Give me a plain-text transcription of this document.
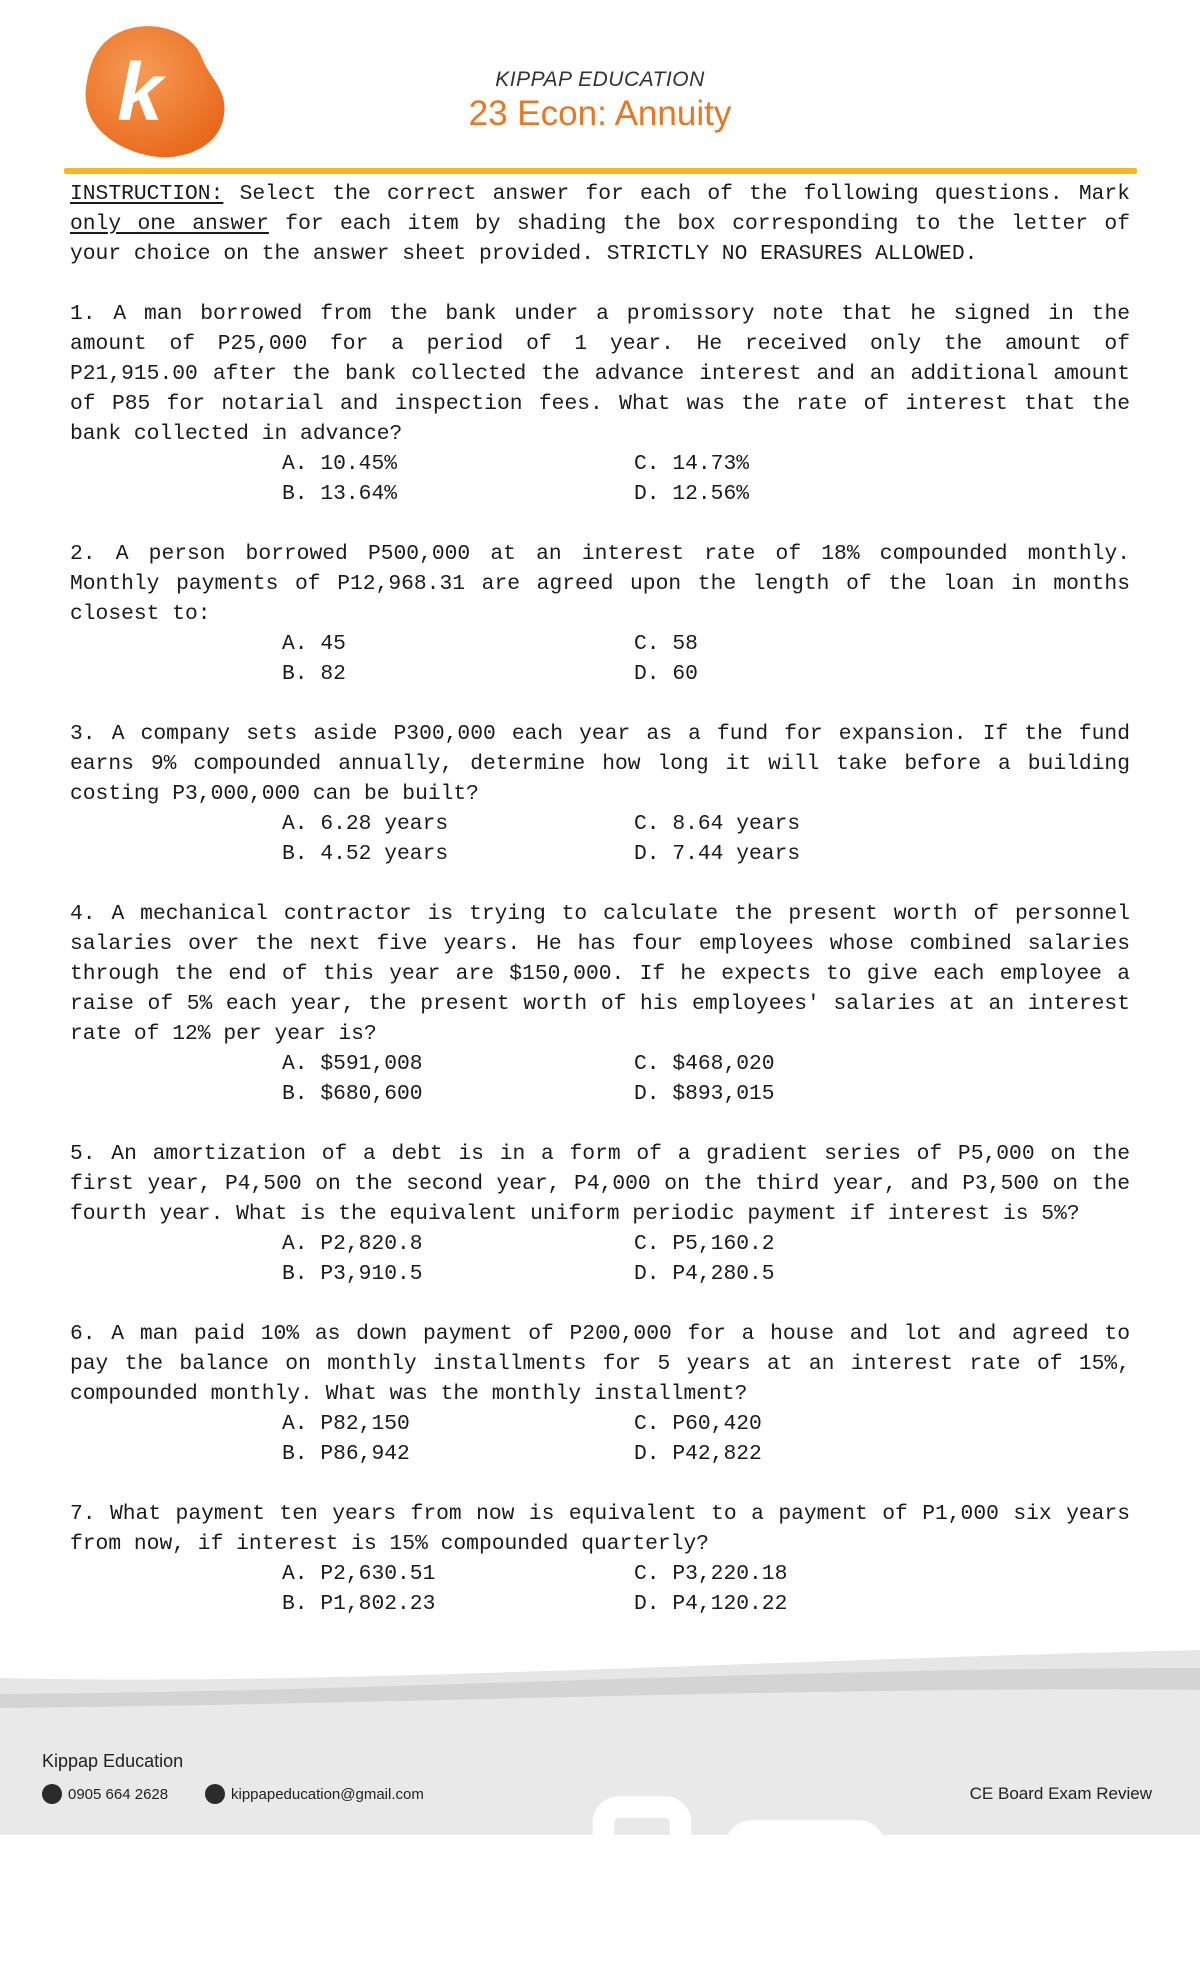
k	KIPPAP EDUCATION
23 Econ: Annuity

INSTRUCTION: Select the correct answer for each of the following questions. Mark only one answer for each item by shading the box corresponding to the letter of your choice on the answer sheet provided. STRICTLY NO ERASURES ALLOWED.

1. A man borrowed from the bank under a promissory note that he signed in the amount of P25,000 for a period of 1 year. He received only the amount of P21,915.00 after the bank collected the advance interest and an additional amount of P85 for notarial and inspection fees. What was the rate of interest that the bank collected in advance?

A. 10.45%	C. 14.73%
B. 13.64%	D. 12.56%

2. A person borrowed P500,000 at an interest rate of 18% compounded monthly. Monthly payments of P12,968.31 are agreed upon the length of the loan in months closest to:

A. 45	C. 58
B. 82	D. 60

3. A company sets aside P300,000 each year as a fund for expansion. If the fund earns 9% compounded annually, determine how long it will take before a building costing P3,000,000 can be built?

A. 6.28 years	C. 8.64 years
B. 4.52 years	D. 7.44 years

4. A mechanical contractor is trying to calculate the present worth of personnel salaries over the next five years. He has four employees whose combined salaries through the end of this year are $150,000. If he expects to give each employee a raise of 5% each year, the present worth of his employees' salaries at an interest rate of 12% per year is?

A. $591,008	C. $468,020
B. $680,600	D. $893,015

5. An amortization of a debt is in a form of a gradient series of P5,000 on the first year, P4,500 on the second year, P4,000 on the third year, and P3,500 on the fourth year. What is the equivalent uniform periodic payment if interest is 5%?

A. P2,820.8	C. P5,160.2
B. P3,910.5	D. P4,280.5

6. A man paid 10% as down payment of P200,000 for a house and lot and agreed to pay the balance on monthly installments for 5 years at an interest rate of 15%, compounded monthly. What was the monthly installment?

A. P82,150	C. P60,420
B. P86,942	D. P42,822

7. What payment ten years from now is equivalent to a payment of P1,000 six years from now, if interest is 15% compounded quarterly?

A. P2,630.51	C. P3,220.18
B. P1,802.23	D. P4,120.22
Kippap Education
0905 664 2628	kippapeducation@gmail.com	CE Board Exam Review
